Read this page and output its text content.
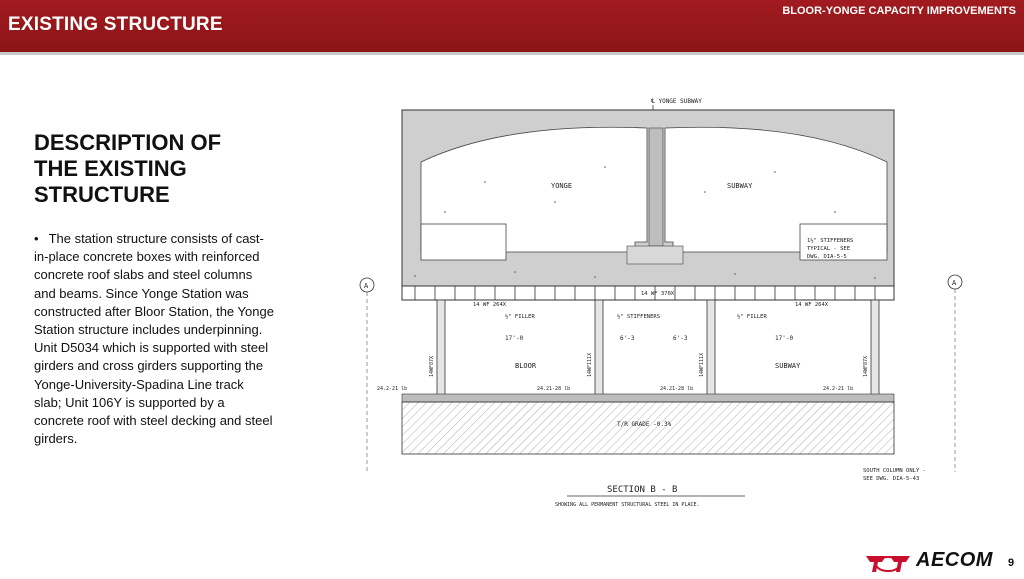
EXISTING STRUCTURE
BLOOR-YONGE CAPACITY IMPROVEMENTS
DESCRIPTION OF
THE EXISTING
STRUCTURE
• The station structure consists of cast-
in-place concrete boxes with reinforced
concrete roof slabs and steel columns
and beams. Since Yonge Station was
constructed after Bloor Station, the Yonge
Station structure includes underpinning.
Unit D5034 which is supported with steel
girders and cross girders supporting the
Yonge-University-Spadina Line track
slab; Unit 106Y is supported by a
concrete roof with steel decking and steel
girders.
℄ YONGE SUBWAY
YONGE	SUBWAY
1½" STIFFENERS
TYPICAL - SEE
DWG. DIA-5-5
14 WF 264X
14 WF 370X
14 WF 264X
½" FILLER	½" STIFFENERS	½" FILLER
A	A
14WF87X	14WF111X	14WF111X	14WF87X
17'-0	6'-3	6'-3	17'-0
BLOOR	SUBWAY
24.2-21 lb	24.21-28 lb	24.21-28 lb	24.2-21 lb
T/R GRADE -0.3%
SOUTH COLUMN ONLY -
SEE DWG. DIA-5-43
SECTION B - B
SHOWING ALL PERMANENT STRUCTURAL STEEL IN PLACE.
AECOM 9
